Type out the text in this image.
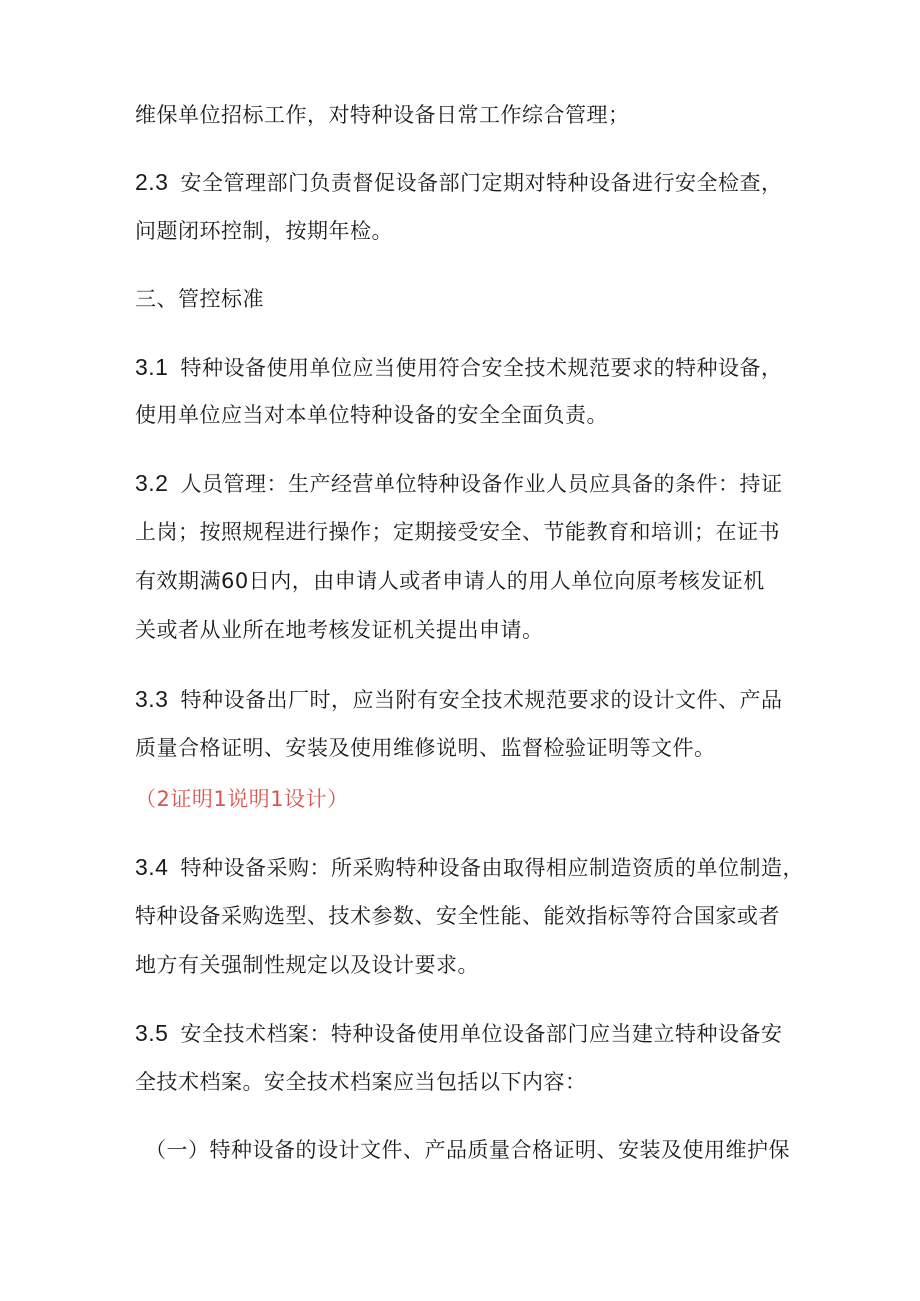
维保单位招标工作，对特种设备日常工作综合管理；
2.3 安全管理部门负责督促设备部门定期对特种设备进行安全检查，
问题闭环控制，按期年检。
三、管控标准
3.1 特种设备使用单位应当使用符合安全技术规范要求的特种设备，
使用单位应当对本单位特种设备的安全全面负责。
3.2 人员管理：生产经营单位特种设备作业人员应具备的条件：持证
上岗；按照规程进行操作；定期接受安全、节能教育和培训；在证书
有效期满60日内，由申请人或者申请人的用人单位向原考核发证机
关或者从业所在地考核发证机关提出申请。
3.3 特种设备出厂时，应当附有安全技术规范要求的设计文件、产品
质量合格证明、安装及使用维修说明、监督检验证明等文件。
（2证明1说明1设计）
3.4 特种设备采购：所采购特种设备由取得相应制造资质的单位制造，
特种设备采购选型、技术参数、安全性能、能效指标等符合国家或者
地方有关强制性规定以及设计要求。
3.5 安全技术档案：特种设备使用单位设备部门应当建立特种设备安
全技术档案。安全技术档案应当包括以下内容：
（一）特种设备的设计文件、产品质量合格证明、安装及使用维护保
